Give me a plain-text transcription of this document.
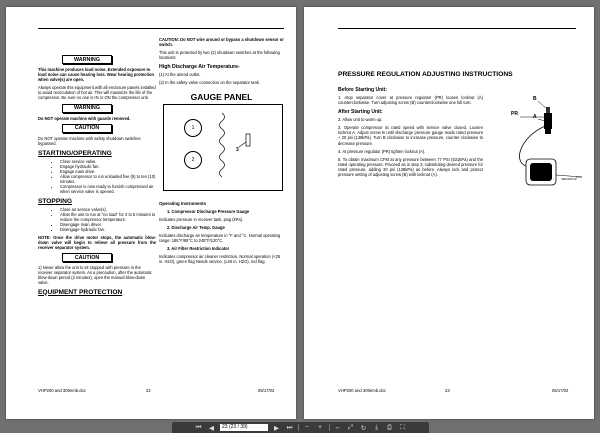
WARNING

This machine produces loud noise. Extended exposure to loud noise can cause hearing loss. Wear hearing protection when valve(s) are open.

Always operate this equipment with all enclosure panels installed to avoid recirculation of hot air. This will maximize the life of the compressor. Be sure no one is IN or ON the compressor unit.

WARNING

Do NOT operate machine with guards removed.

CAUTION

Do NOT operate machine with safety shutdown switches bypassed.

STARTING/OPERATING
• Close service valve.
• Engage hydraulic fan.
• Engage main drive.
• Allow compressor to run unloaded five (5) to ten (10) minutes.
• Compressor is now ready to furnish compressed air when service valve is opened.
STOPPING
• Close air service valve(s).
• Allow the unit to run at "no load" for 3 to 5 minutes to reduce the compressor temperature.
• Disengage main driver.
• Disengage hydraulic fan.

NOTE: Once the drive motor stops, the automatic blow-down valve will begin to relieve all pressure from the receiver separator system.

CAUTION

1) Never allow the unit to sit stopped with pressure in the receiver separator system. As a precaution, after the automatic blow-down period (2 minutes), open the manual blow-down valve.

EQUIPMENT PROTECTION

CAUTION: Do NOT wire around or bypass a shutdown sensor or switch.

This unit is protected by two (2) shutdown switches at the following locations:

High Discharge Air Temperature-

(1) At the airend outlet.

(2) In the safety valve connection on the separator tank.

GAUGE PANEL
1
2
3
Operating Instruments

1. Compressor Discharge Pressure Gauge

Indicates pressure in receiver tank, psig (kPa).

2. Discharge Air Temp. Gauge

Indicates discharge air temperature in °F and °C. Normal operating range: 185°F/85°C to 248°F/120°C.

3. Air Filter Restriction Indicator

Indicates compressor air cleaner restriction. Normal operation (<25 in. H2O), green flag Needs service, (≥25 in. H2O), red flag.

VHP200 and 300emb.doc	22	05/17/02
PRESSURE REGULATION ADJUSTING INSTRUCTIONS
Before Starting Unit:

1. Atop separator cover at pressure regulator (PR) loosen locknut (A) counterclockwise. Turn adjusting screw (B) counterclockwise one full turn.

After Starting Unit:

2. Allow unit to warm up.

3. Operate compressor at rated speed with service valve closed. Loosen locknut A. Adjust screw B until discharge pressure gauge reads rated pressure + 20 psi (138kPa). Turn B clockwise to increase pressure, counter clockwise to decrease pressure.

4. At pressure regulator (PR) tighten locknut (A).

5. To obtain maximum CFM at any pressure between 77 PSI (531kPa) and the rated operating pressure. Proceed as in step 3, substituting desired pressure for rated pressure, adding 20 psi (138kPa) as before. Always lock and protect pressure setting of adjusting screw (B) with locknut (A).

B
A
PR
SEPARATOR
VHP200 and 300emb.doc	23	05/17/02
⏮	◀
23 (23 / 39)	▶	⏭	−	+	↔ ⤢ ↻	⤓	⎙	⛶
